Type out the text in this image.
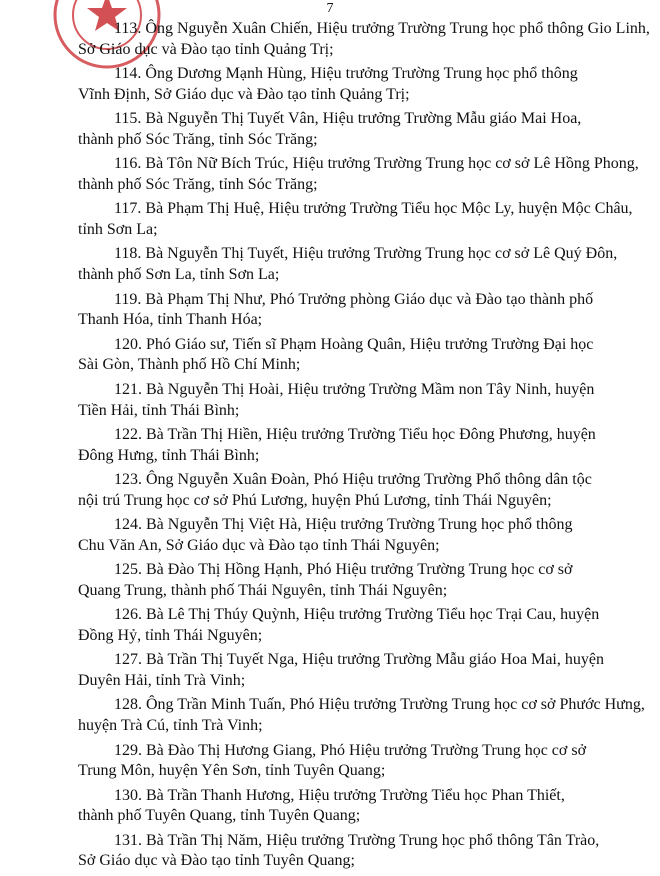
7
113. Ông Nguyễn Xuân Chiến, Hiệu trưởng Trường Trung học phổ thông Gio Linh,
Sở Giáo dục và Đào tạo tỉnh Quảng Trị;
114. Ông Dương Mạnh Hùng, Hiệu trưởng Trường Trung học phổ thông
Vĩnh Định, Sở Giáo dục và Đào tạo tỉnh Quảng Trị;
115. Bà Nguyễn Thị Tuyết Vân, Hiệu trưởng Trường Mẫu giáo Mai Hoa,
thành phố Sóc Trăng, tỉnh Sóc Trăng;
116. Bà Tôn Nữ Bích Trúc, Hiệu trưởng Trường Trung học cơ sở Lê Hồng Phong,
thành phố Sóc Trăng, tỉnh Sóc Trăng;
117. Bà Phạm Thị Huệ, Hiệu trưởng Trường Tiểu học Mộc Ly, huyện Mộc Châu,
tỉnh Sơn La;
118. Bà Nguyễn Thị Tuyết, Hiệu trưởng Trường Trung học cơ sở Lê Quý Đôn,
thành phố Sơn La, tỉnh Sơn La;
119. Bà Phạm Thị Như, Phó Trưởng phòng Giáo dục và Đào tạo thành phố
Thanh Hóa, tỉnh Thanh Hóa;
120. Phó Giáo sư, Tiến sĩ Phạm Hoàng Quân, Hiệu trưởng Trường Đại học
Sài Gòn, Thành phố Hồ Chí Minh;
121. Bà Nguyễn Thị Hoài, Hiệu trưởng Trường Mầm non Tây Ninh, huyện
Tiền Hải, tỉnh Thái Bình;
122. Bà Trần Thị Hiền, Hiệu trưởng Trường Tiểu học Đông Phương, huyện
Đông Hưng, tỉnh Thái Bình;
123. Ông Nguyễn Xuân Đoàn, Phó Hiệu trưởng Trường Phổ thông dân tộc
nội trú Trung học cơ sở Phú Lương, huyện Phú Lương, tỉnh Thái Nguyên;
124. Bà Nguyễn Thị Việt Hà, Hiệu trưởng Trường Trung học phổ thông
Chu Văn An, Sở Giáo dục và Đào tạo tỉnh Thái Nguyên;
125. Bà Đào Thị Hồng Hạnh, Phó Hiệu trưởng Trường Trung học cơ sở
Quang Trung, thành phố Thái Nguyên, tỉnh Thái Nguyên;
126. Bà Lê Thị Thúy Quỳnh, Hiệu trưởng Trường Tiểu học Trại Cau, huyện
Đồng Hỷ, tỉnh Thái Nguyên;
127. Bà Trần Thị Tuyết Nga, Hiệu trưởng Trường Mẫu giáo Hoa Mai, huyện
Duyên Hải, tỉnh Trà Vinh;
128. Ông Trần Minh Tuấn, Phó Hiệu trưởng Trường Trung học cơ sở Phước Hưng,
huyện Trà Cú, tỉnh Trà Vinh;
129. Bà Đào Thị Hương Giang, Phó Hiệu trưởng Trường Trung học cơ sở
Trung Môn, huyện Yên Sơn, tỉnh Tuyên Quang;
130. Bà Trần Thanh Hương, Hiệu trưởng Trường Tiểu học Phan Thiết,
thành phố Tuyên Quang, tỉnh Tuyên Quang;
131. Bà Trần Thị Năm, Hiệu trưởng Trường Trung học phổ thông Tân Trào,
Sở Giáo dục và Đào tạo tỉnh Tuyên Quang;
